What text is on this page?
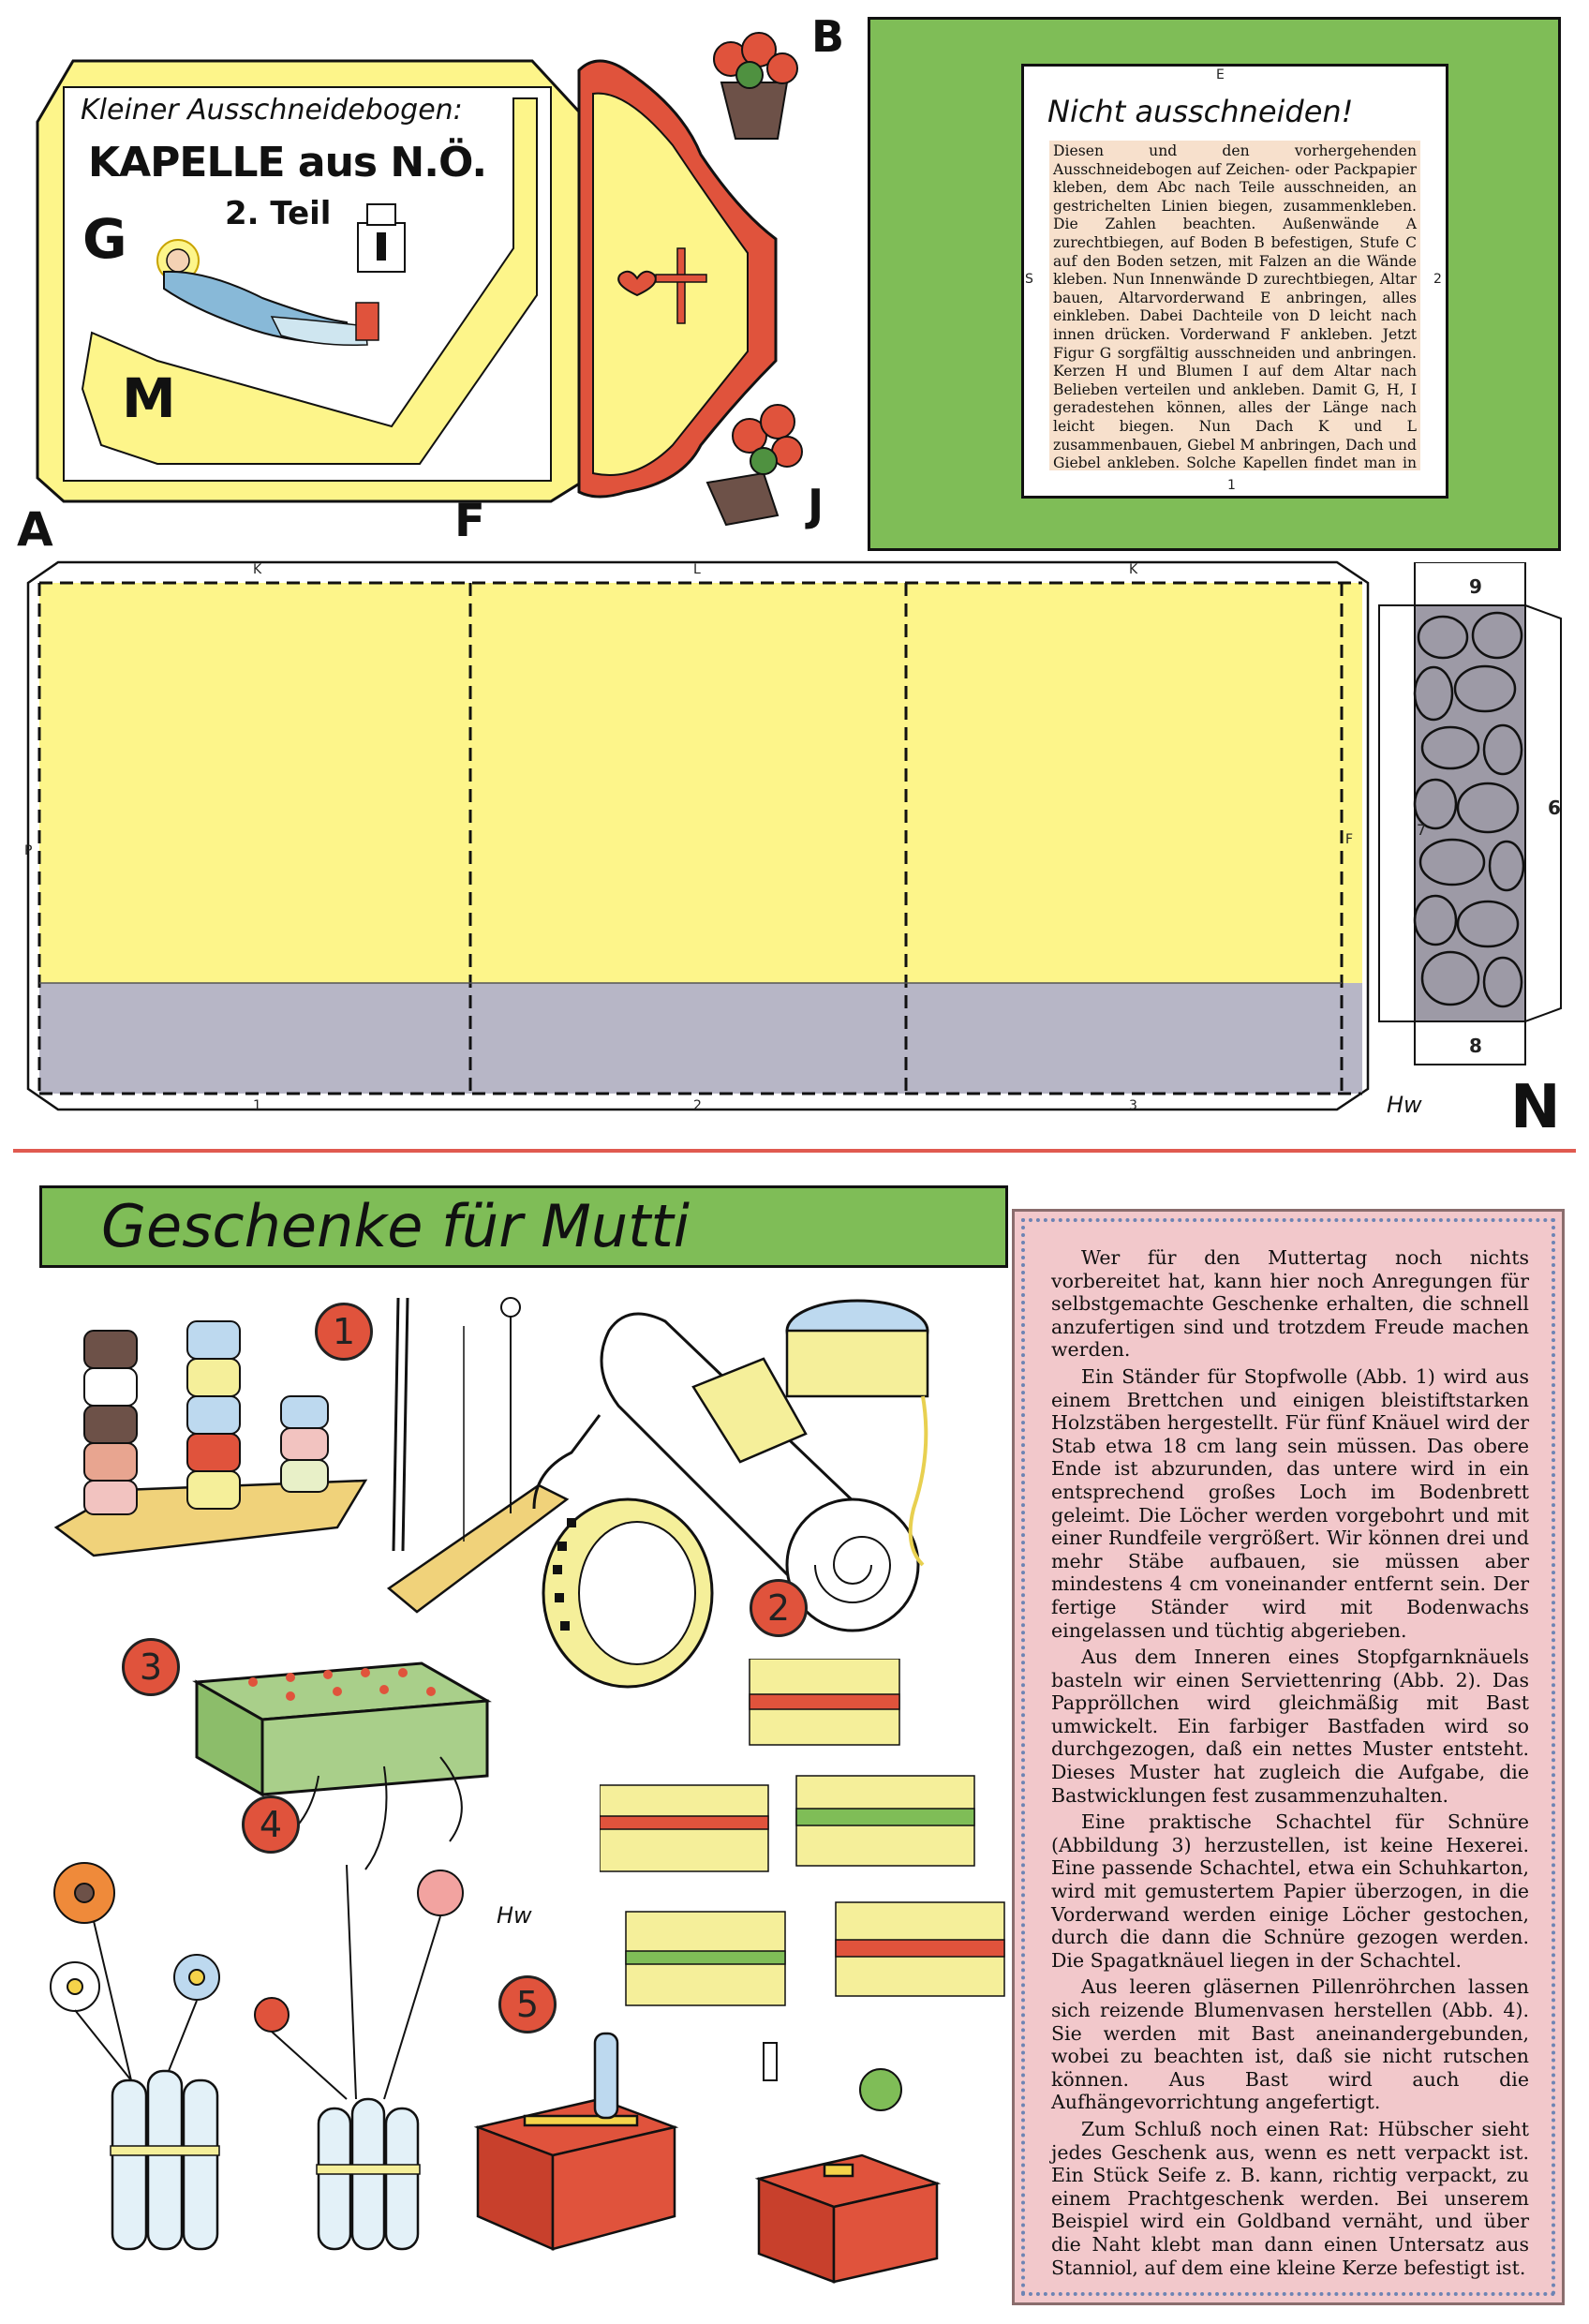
Kleiner Ausschneidebogen:
KAPELLE aus N.Ö.
2. Teil
G
M
F
B
J
E
1
S	2
Nicht ausschneiden!
Diesen und den vorhergehenden Ausschneidebogen auf Zeichen- oder Packpapier kleben, dem Abc nach Teile ausschneiden, an gestrichelten Linien biegen, zusammenkleben. Die Zahlen beachten. Außenwände A zurechtbiegen, auf Boden B befestigen, Stufe C auf den Boden setzen, mit Falzen an die Wände kleben. Nun Innenwände D zurechtbiegen, Altar bauen, Altarvorderwand E anbringen, alles einkleben. Dabei Dachteile von D leicht nach innen drücken. Vorderwand F ankleben. Jetzt Figur G sorgfältig ausschneiden und anbringen. Kerzen H und Blumen I auf dem Altar nach Belieben verteilen und ankleben. Damit G, H, I geradestehen können, alles der Länge nach leicht biegen. Nun Dach K und L zusammenbauen, Giebel M anbringen, Dach und Giebel ankleben. Solche Kapellen findet man in
A
K	L	K
1	2	3
P
F
9
8
6
7
N
Hw
Geschenke für Mutti	Wer für den Muttertag noch nichts vorbereitet hat, kann hier noch Anregungen für selbstgemachte Geschenke erhalten, die schnell anzufertigen sind und trotzdem Freude machen werden.

Ein Ständer für Stopfwolle (Abb. 1) wird aus einem Brettchen und einigen bleistiftstarken Holzstäben hergestellt. Für fünf Knäuel wird der Stab etwa 18 cm lang sein müssen. Das obere Ende ist abzurunden, das untere wird in ein entsprechend großes Loch im Bodenbrett geleimt. Die Löcher werden vorgebohrt und mit einer Rundfeile vergrößert. Wir können drei und mehr Stäbe aufbauen, sie müssen aber mindestens 4 cm voneinander entfernt sein. Der fertige Ständer wird mit Bodenwachs eingelassen und tüchtig abgerieben.

Aus dem Inneren eines Stopfgarnknäuels basteln wir einen Serviettenring (Abb. 2). Das Pappröllchen wird gleichmäßig mit Bast umwickelt. Ein farbiger Bastfaden wird so durchgezogen, daß ein nettes Muster entsteht. Dieses Muster hat zugleich die Aufgabe, die Bastwicklungen fest zusammenzuhalten.

Eine praktische Schachtel für Schnüre (Abbildung 3) herzustellen, ist keine Hexerei. Eine passende Schachtel, etwa ein Schuhkarton, wird mit gemustertem Papier überzogen, in die Vorderwand werden einige Löcher gestochen, durch die dann die Schnüre gezogen werden. Die Spagatknäuel liegen in der Schachtel.

Aus leeren gläsernen Pillenröhrchen lassen sich reizende Blumenvasen herstellen (Abb. 4). Sie werden mit Bast aneinandergebunden, wobei zu beachten ist, daß sie nicht rutschen können. Aus Bast wird auch die Aufhängevorrichtung angefertigt.

Zum Schluß noch einen Rat: Hübscher sieht jedes Geschenk aus, wenn es nett verpackt ist. Ein Stück Seife z. B. kann, richtig verpackt, zu einem Prachtgeschenk werden. Bei unserem Beispiel wird ein Goldband vernäht, und über die Naht klebt man dann einen Untersatz aus Stanniol, auf dem eine kleine Kerze befestigt ist.

1
2
3
4
5
Hw
